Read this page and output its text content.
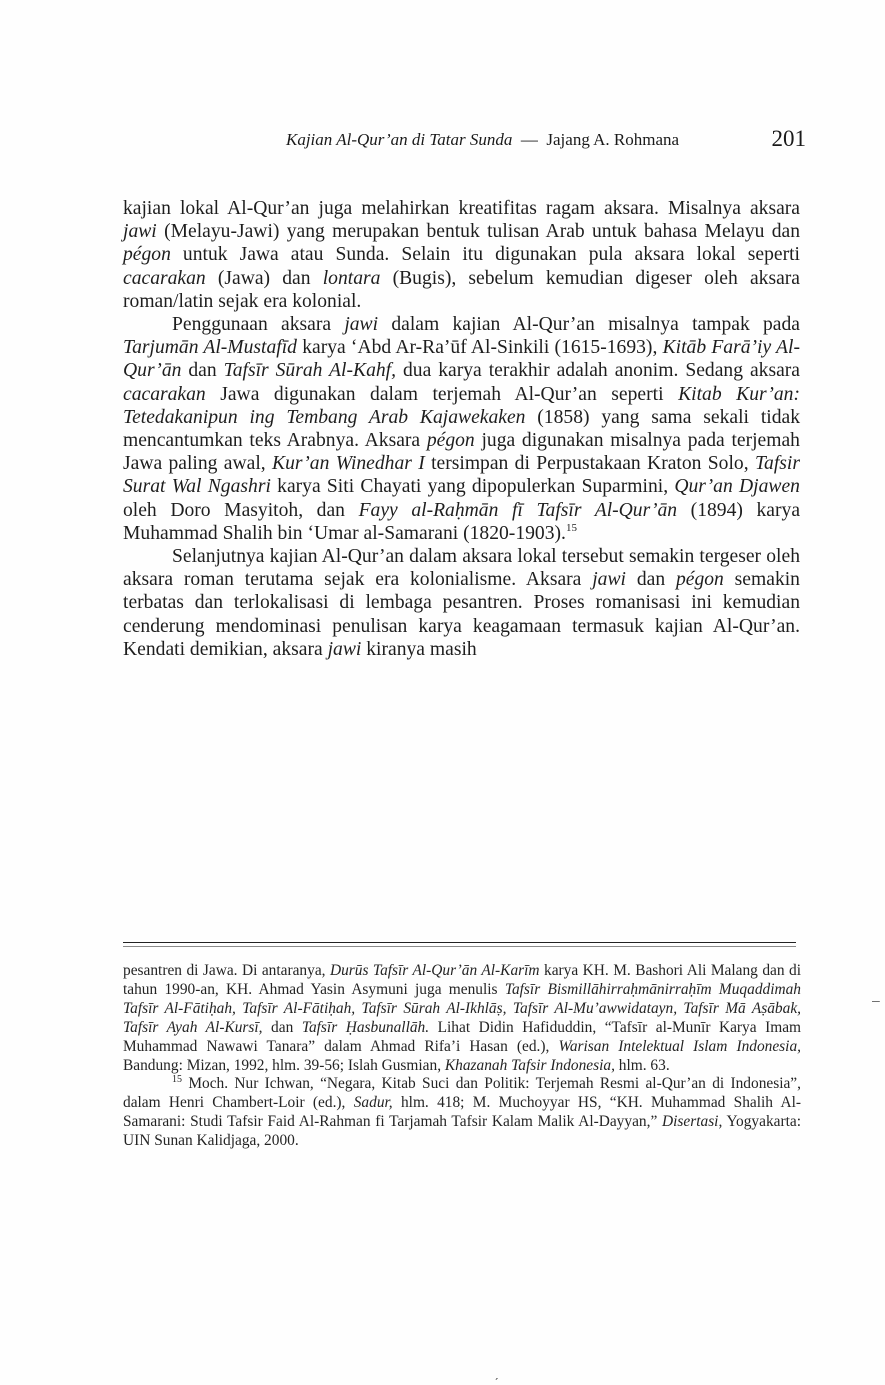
Kajian Al-Qur’an di Tatar Sunda — Jajang A. Rohmana	201

kajian lokal Al-Qur’an juga melahirkan kreatifitas ragam aksara. Misalnya aksara jawi (Melayu-Jawi) yang merupakan bentuk tulisan Arab untuk bahasa Melayu dan pégon untuk Jawa atau Sunda. Selain itu digunakan pula aksara lokal seperti cacarakan (Jawa) dan lontara (Bugis), sebelum kemudian digeser oleh aksara roman/latin sejak era kolonial.

Penggunaan aksara jawi dalam kajian Al-Qur’an misalnya tampak pada Tarjumān Al-Mustafīd karya ‘Abd Ar-Ra’ūf Al-Sinkili (1615-1693), Kitāb Farā’iy Al-Qur’ān dan Tafsīr Sūrah Al-Kahf, dua karya terakhir adalah anonim. Sedang aksara cacarakan Jawa digunakan dalam terjemah Al-Qur’an seperti Kitab Kur’an: Tetedakanipun ing Tembang Arab Kajawekaken (1858) yang sama sekali tidak mencantumkan teks Arabnya. Aksara pégon juga digunakan misalnya pada terjemah Jawa paling awal, Kur’an Winedhar I tersimpan di Perpustakaan Kraton Solo, Tafsir Surat Wal Ngashri karya Siti Chayati yang dipopulerkan Suparmini, Qur’an Djawen oleh Doro Masyitoh, dan Fayy al-Raḥmān fī Tafsīr Al-Qur’ān (1894) karya Muhammad Shalih bin ‘Umar al-Samarani (1820-1903).$^{15}$

Selanjutnya kajian Al-Qur’an dalam aksara lokal tersebut semakin tergeser oleh aksara roman terutama sejak era kolonialisme. Aksara jawi dan pégon semakin terbatas dan terlokalisasi di lembaga pesantren. Proses romanisasi ini kemudian cenderung mendominasi penulisan karya keagamaan termasuk kajian Al-Qur’an. Kendati demikian, aksara jawi kiranya masih

pesantren di Jawa. Di antaranya, Durūs Tafsīr Al-Qur’ān Al-Karīm karya KH. M. Bashori Ali Malang dan di tahun 1990-an, KH. Ahmad Yasin Asymuni juga menulis Tafsīr Bismillāhirraḥmānirraḥīm Muqaddimah Tafsīr Al-Fātiḥah, Tafsīr Al-Fātiḥah, Tafsīr Sūrah Al-Ikhlāṣ, Tafsīr Al-Mu’awwidatayn, Tafsīr Mā Aṣābak, Tafsīr Ayah Al-Kursī, dan Tafsīr Ḥasbunallāh. Lihat Didin Hafiduddin, “Tafsīr al-Munīr Karya Imam Muhammad Nawawi Tanara” dalam Ahmad Rifa’i Hasan (ed.), Warisan Intelektual Islam Indonesia, Bandung: Mizan, 1992, hlm. 39-56; Islah Gusmian, Khazanah Tafsir Indonesia, hlm. 63.

$^{15}$ Moch. Nur Ichwan, “Negara, Kitab Suci dan Politik: Terjemah Resmi al-Qur’an di Indonesia”, dalam Henri Chambert-Loir (ed.), Sadur, hlm. 418; M. Muchoyyar HS, “KH. Muhammad Shalih Al-Samarani: Studi Tafsir Faid Al-Rahman fi Tarjamah Tafsir Kalam Malik Al-Dayyan,” Disertasi, Yogyakarta: UIN Sunan Kalidjaga, 2000.

–
ˏ
